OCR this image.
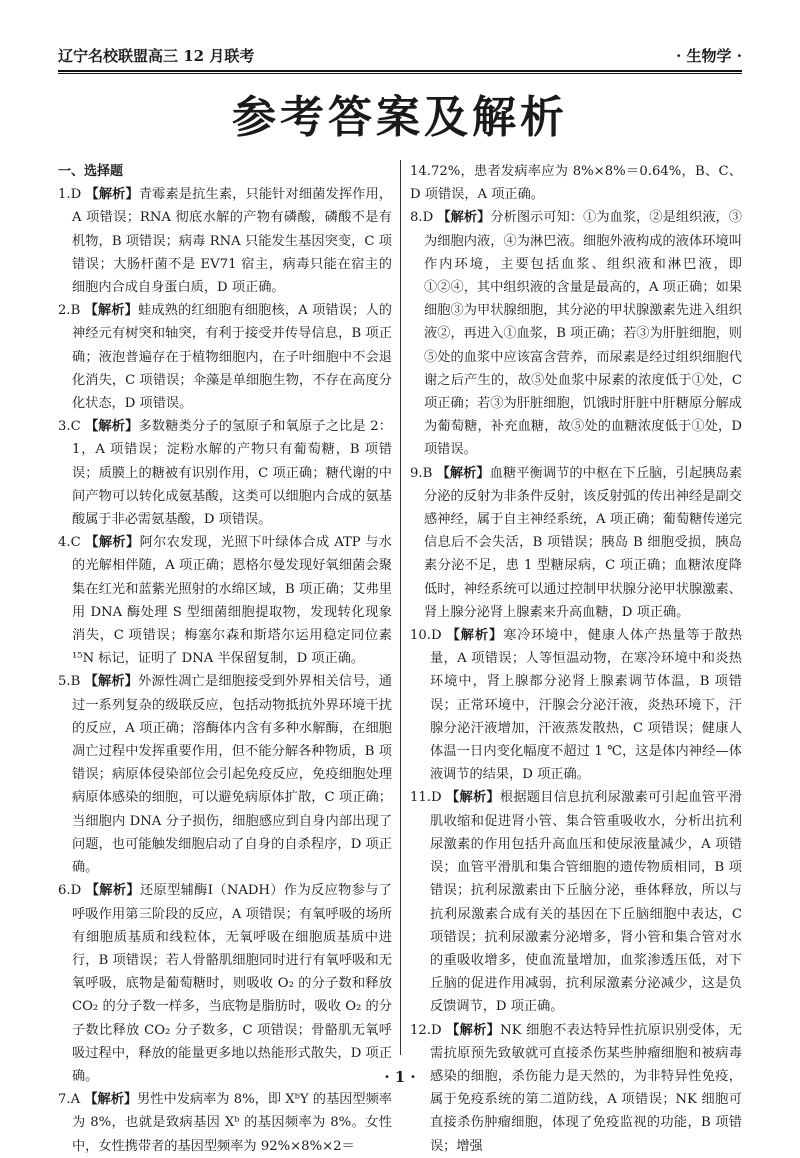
辽宁名校联盟高三 12 月联考	· 生物学 ·
参考答案及解析
一、选择题

1.D 【解析】青霉素是抗生素，只能针对细菌发挥作用，A 项错误；RNA 彻底水解的产物有磷酸，磷酸不是有机物，B 项错误；病毒 RNA 只能发生基因突变，C 项错误；大肠杆菌不是 EV71 宿主，病毒只能在宿主的细胞内合成自身蛋白质，D 项正确。

2.B 【解析】蛙成熟的红细胞有细胞核，A 项错误；人的神经元有树突和轴突，有利于接受并传导信息，B 项正确；液泡普遍存在于植物细胞内，在子叶细胞中不会退化消失，C 项错误；伞藻是单细胞生物，不存在高度分化状态，D 项错误。

3.C 【解析】多数糖类分子的氢原子和氧原子之比是 2：1，A 项错误；淀粉水解的产物只有葡萄糖，B 项错误；质膜上的糖被有识别作用，C 项正确；糖代谢的中间产物可以转化成氨基酸，这类可以细胞内合成的氨基酸属于非必需氨基酸，D 项错误。

4.C 【解析】阿尔农发现，光照下叶绿体合成 ATP 与水的光解相伴随，A 项正确；恩格尔曼发现好氧细菌会聚集在红光和蓝紫光照射的水绵区域，B 项正确；艾弗里用 DNA 酶处理 S 型细菌细胞提取物，发现转化现象消失，C 项错误；梅塞尔森和斯塔尔运用稳定同位素¹⁵N 标记，证明了 DNA 半保留复制，D 项正确。

5.B 【解析】外源性凋亡是细胞接受到外界相关信号，通过一系列复杂的级联反应，包括动物抵抗外界环境干扰的反应，A 项正确；溶酶体内含有多种水解酶，在细胞凋亡过程中发挥重要作用，但不能分解各种物质，B 项错误；病原体侵染部位会引起免疫反应，免疫细胞处理病原体感染的细胞，可以避免病原体扩散，C 项正确；当细胞内 DNA 分子损伤，细胞感应到自身内部出现了问题，也可能触发细胞启动了自身的自杀程序，D 项正确。

6.D 【解析】还原型辅酶Ⅰ（NADH）作为反应物参与了呼吸作用第三阶段的反应，A 项错误；有氧呼吸的场所有细胞质基质和线粒体，无氧呼吸在细胞质基质中进行，B 项错误；若人骨骼肌细胞同时进行有氧呼吸和无氧呼吸，底物是葡萄糖时，则吸收 O₂ 的分子数和释放 CO₂ 的分子数一样多，当底物是脂肪时，吸收 O₂ 的分子数比释放 CO₂ 分子数多，C 项错误；骨骼肌无氧呼吸过程中，释放的能量更多地以热能形式散失，D 项正确。

7.A 【解析】男性中发病率为 8%，即 XᵇY 的基因型频率为 8%，也就是致病基因 Xᵇ 的基因频率为 8%。女性中，女性携带者的基因型频率为 92%×8%×2＝

14.72%，患者发病率应为 8%×8%＝0.64%，B、C、D 项错误，A 项正确。

8.D 【解析】分析图示可知：①为血浆，②是组织液，③为细胞内液，④为淋巴液。细胞外液构成的液体环境叫作内环境，主要包括血浆、组织液和淋巴液，即①②④，其中组织液的含量是最高的，A 项正确；如果细胞③为甲状腺细胞，其分泌的甲状腺激素先进入组织液②，再进入①血浆，B 项正确；若③为肝脏细胞，则⑤处的血浆中应该富含营养，而尿素是经过组织细胞代谢之后产生的，故⑤处血浆中尿素的浓度低于①处，C 项正确；若③为肝脏细胞，饥饿时肝脏中肝糖原分解成为葡萄糖，补充血糖，故⑤处的血糖浓度低于①处，D 项错误。

9.B 【解析】血糖平衡调节的中枢在下丘脑，引起胰岛素分泌的反射为非条件反射，该反射弧的传出神经是副交感神经，属于自主神经系统，A 项正确；葡萄糖传递完信息后不会失活，B 项错误；胰岛 B 细胞受损，胰岛素分泌不足，患 1 型糖尿病，C 项正确；血糖浓度降低时，神经系统可以通过控制甲状腺分泌甲状腺激素、肾上腺分泌肾上腺素来升高血糖，D 项正确。

10.D 【解析】寒冷环境中，健康人体产热量等于散热量，A 项错误；人等恒温动物，在寒冷环境中和炎热环境中，肾上腺都分泌肾上腺素调节体温，B 项错误；正常环境中，汗腺会分泌汗液，炎热环境下，汗腺分泌汗液增加，汗液蒸发散热，C 项错误；健康人体温一日内变化幅度不超过 1 ℃，这是体内神经—体液调节的结果，D 项正确。

11.D 【解析】根据题目信息抗利尿激素可引起血管平滑肌收缩和促进肾小管、集合管重吸收水，分析出抗利尿激素的作用包括升高血压和使尿液量减少，A 项错误；血管平滑肌和集合管细胞的遗传物质相同，B 项错误；抗利尿激素由下丘脑分泌，垂体释放，所以与抗利尿激素合成有关的基因在下丘脑细胞中表达，C 项错误；抗利尿激素分泌增多，肾小管和集合管对水的重吸收增多，使血流量增加，血浆渗透压低，对下丘脑的促进作用减弱，抗利尿激素分泌减少，这是负反馈调节，D 项正确。

12.D 【解析】NK 细胞不表达特异性抗原识别受体，无需抗原预先致敏就可直接杀伤某些肿瘤细胞和被病毒感染的细胞，杀伤能力是天然的，为非特异性免疫，属于免疫系统的第二道防线，A 项错误；NK 细胞可直接杀伤肿瘤细胞，体现了免疫监视的功能，B 项错误；增强

· 1 ·
